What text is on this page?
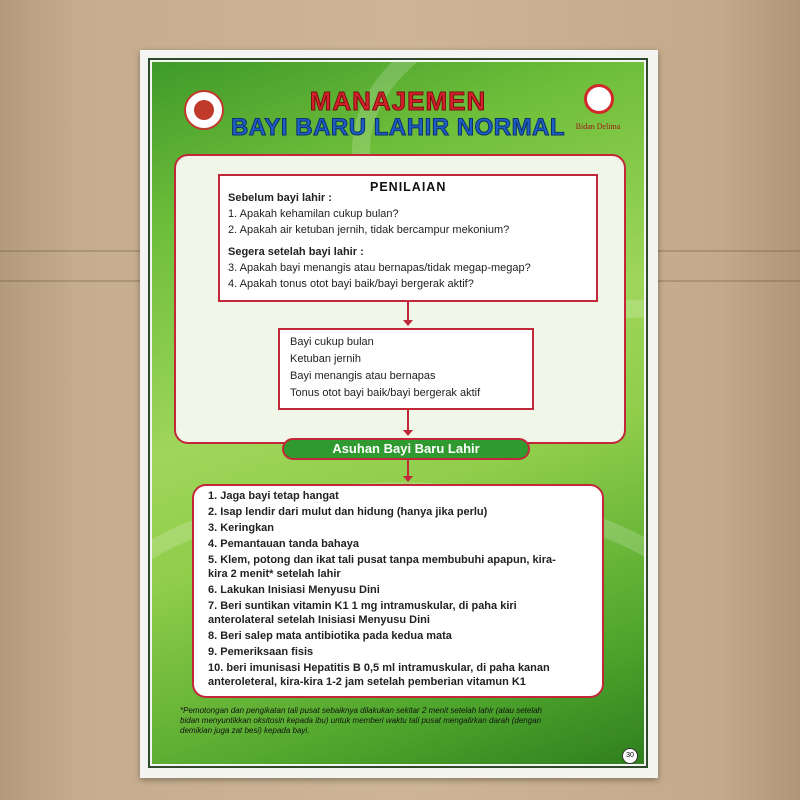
Bidan Delima
MANAJEMEN
BAYI BARU LAHIR NORMAL
PENILAIAN
Sebelum bayi lahir :
1. Apakah kehamilan cukup bulan?
2. Apakah air ketuban jernih, tidak bercampur mekonium?
Segera setelah bayi lahir :
3. Apakah bayi menangis atau bernapas/tidak megap-megap?
4. Apakah tonus otot bayi baik/bayi bergerak aktif?
Bayi cukup bulan
Ketuban jernih
Bayi menangis atau bernapas
Tonus otot bayi baik/bayi bergerak aktif
Asuhan Bayi Baru Lahir
1. Jaga bayi tetap hangat
2. Isap lendir dari mulut dan hidung (hanya jika perlu)
3. Keringkan
4. Pemantauan tanda bahaya
5. Klem, potong dan ikat tali pusat tanpa membubuhi apapun, kira-
kira 2 menit* setelah lahir
6. Lakukan Inisiasi Menyusu Dini
7. Beri suntikan vitamin K1 1 mg intramuskular, di paha kiri
anterolateral setelah Inisiasi Menyusu Dini
8. Beri salep mata antibiotika pada kedua mata
9. Pemeriksaan fisis
10. beri imunisasi Hepatitis B 0,5 ml intramuskular, di paha kanan
anteroleteral, kira-kira 1-2 jam setelah pemberian vitamun K1
*Pemotongan dan pengikatan tali pusat sebaiknya dilakukan sekitar 2 menit setelah lahir (atau setelah
bidan menyuntikkan oksitosin kepada ibu) untuk memberi waktu tali pusat mengalirkan darah (dengan
demikian juga zat besi) kepada bayi.
30
